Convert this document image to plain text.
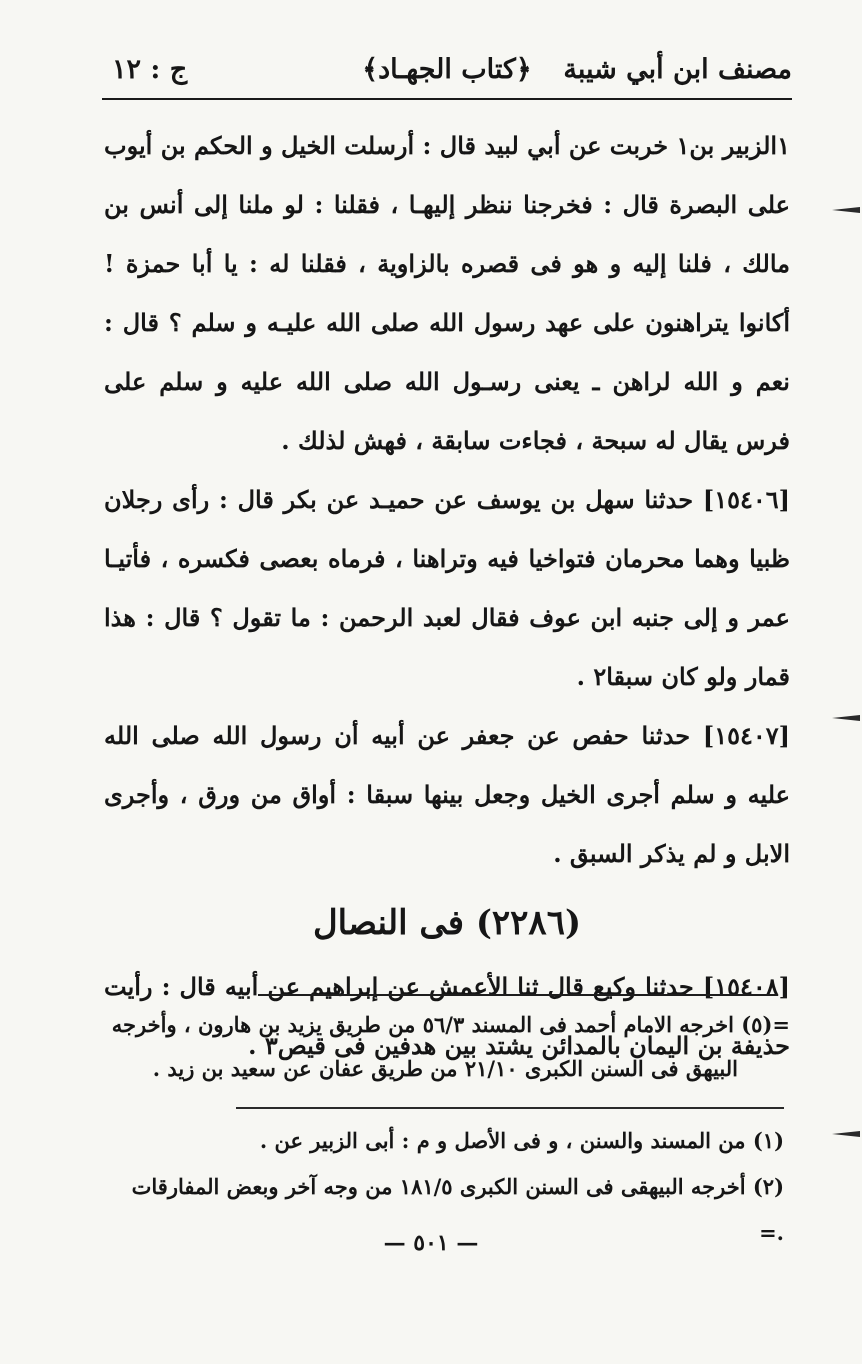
مصنف ابن أبي شيبة
﴿كتاب الجهـاد﴾
ج : ١٢

١الزبير بن١ خربت عن أبي لبيد قال : أرسلت الخيل و الحكم بن أيوب على البصرة قال : فخرجنا ننظر إليهـا ، فقلنا : لو ملنا إلى أنس بن مالك ، فلنا إليه و هو فى قصره بالزاوية ، فقلنا له : يا أبا حمزة ! أكانوا يتراهنون على عهد رسول الله صلى الله عليـه و سلم ؟ قال : نعم و الله لراهن ـ يعنى رسـول الله صلى الله عليه و سلم على فرس يقال له سبحة ، فجاءت سابقة ، فهش لذلك .

[١٥٤٠٦] حدثنا سهل بن يوسف عن حميـد عن بكر قال : رأى رجلان ظبيا وهما محرمان فتواخيا فيه وتراهنا ، فرماه بعصى فكسره ، فأتيـا عمر و إلى جنبه ابن عوف فقال لعبد الرحمن : ما تقول ؟ قال : هذا قمار ولو كان سبقا٢ .

[١٥٤٠٧] حدثنا حفص عن جعفر عن أبيه أن رسول الله صلى الله عليه و سلم أجرى الخيل وجعل بينها سبقا : أواق من ورق ، وأجرى الابل و لم يذكر السبق .

(٢٢٨٦) فى النصال

[١٥٤٠٨] حدثنا وكيع قال ثنا الأعمش عن إبراهيم عن أبيه قال : رأيت حذيفة بن اليمان بالمدائن يشتد بين هدفين فى قيص٣ .

=(٥) اخرجه الامام أحمد فى المسند ٥٦/٣ من طريق يزيد بن هارون ، وأخرجه

البيهق فى السنن الكبرى ٢١/١٠ من طريق عفان عن سعيد بن زيد .

(١) من المسند والسنن ، و فى الأصل و م : أبى الزبير عن .

(٢) أخرجه البيهقى فى السنن الكبرى ١٨١/٥ من وجه آخر وبعض المفارقات .=

— ٥٠١ —
